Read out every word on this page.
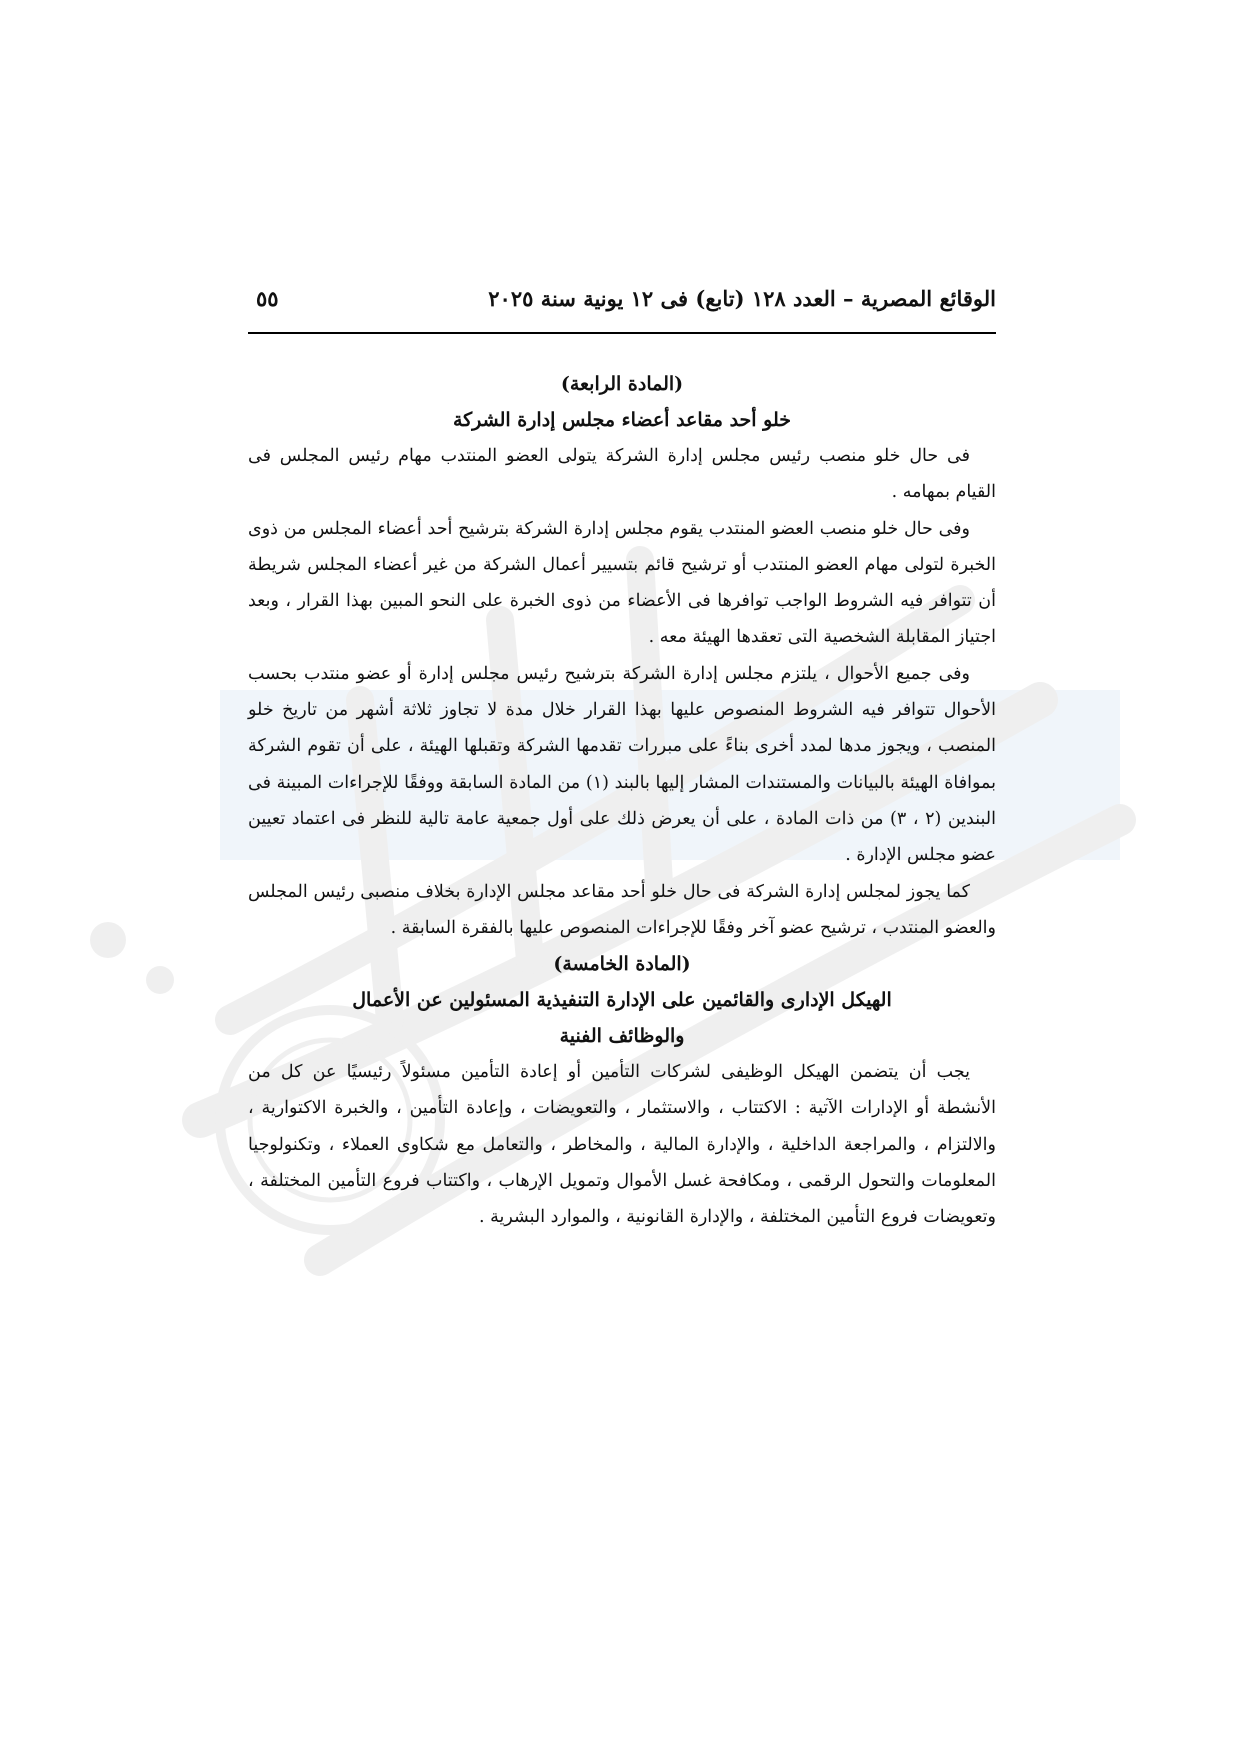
الوقائع المصرية – العدد ١٢٨ (تابع) فى ١٢ يونية سنة ٢٠٢٥
٥٥
(المادة الرابعة)
خلو أحد مقاعد أعضاء مجلس إدارة الشركة

فى حال خلو منصب رئيس مجلس إدارة الشركة يتولى العضو المنتدب مهام رئيس المجلس فى القيام بمهامه .

وفى حال خلو منصب العضو المنتدب يقوم مجلس إدارة الشركة بترشيح أحد أعضاء المجلس من ذوى الخبرة لتولى مهام العضو المنتدب أو ترشيح قائم بتسيير أعمال الشركة من غير أعضاء المجلس شريطة أن تتوافر فيه الشروط الواجب توافرها فى الأعضاء من ذوى الخبرة على النحو المبين بهذا القرار ، وبعد اجتياز المقابلة الشخصية التى تعقدها الهيئة معه .

وفى جميع الأحوال ، يلتزم مجلس إدارة الشركة بترشيح رئيس مجلس إدارة أو عضو منتدب بحسب الأحوال تتوافر فيه الشروط المنصوص عليها بهذا القرار خلال مدة لا تجاوز ثلاثة أشهر من تاريخ خلو المنصب ، ويجوز مدها لمدد أخرى بناءً على مبررات تقدمها الشركة وتقبلها الهيئة ، على أن تقوم الشركة بموافاة الهيئة بالبيانات والمستندات المشار إليها بالبند (١) من المادة السابقة ووفقًا للإجراءات المبينة فى البندين (٢ ، ٣) من ذات المادة ، على أن يعرض ذلك على أول جمعية عامة تالية للنظر فى اعتماد تعيين عضو مجلس الإدارة .

كما يجوز لمجلس إدارة الشركة فى حال خلو أحد مقاعد مجلس الإدارة بخلاف منصبى رئيس المجلس والعضو المنتدب ، ترشيح عضو آخر وفقًا للإجراءات المنصوص عليها بالفقرة السابقة .

(المادة الخامسة)
الهيكل الإدارى والقائمين على الإدارة التنفيذية المسئولين عن الأعمال
والوظائف الفنية

يجب أن يتضمن الهيكل الوظيفى لشركات التأمين أو إعادة التأمين مسئولاً رئيسيًا عن كل من الأنشطة أو الإدارات الآتية : الاكتتاب ، والاستثمار ، والتعويضات ، وإعادة التأمين ، والخبرة الاكتوارية ، والالتزام ، والمراجعة الداخلية ، والإدارة المالية ، والمخاطر ، والتعامل مع شكاوى العملاء ، وتكنولوجيا المعلومات والتحول الرقمى ، ومكافحة غسل الأموال وتمويل الإرهاب ، واكتتاب فروع التأمين المختلفة ، وتعويضات فروع التأمين المختلفة ، والإدارة القانونية ، والموارد البشرية .
